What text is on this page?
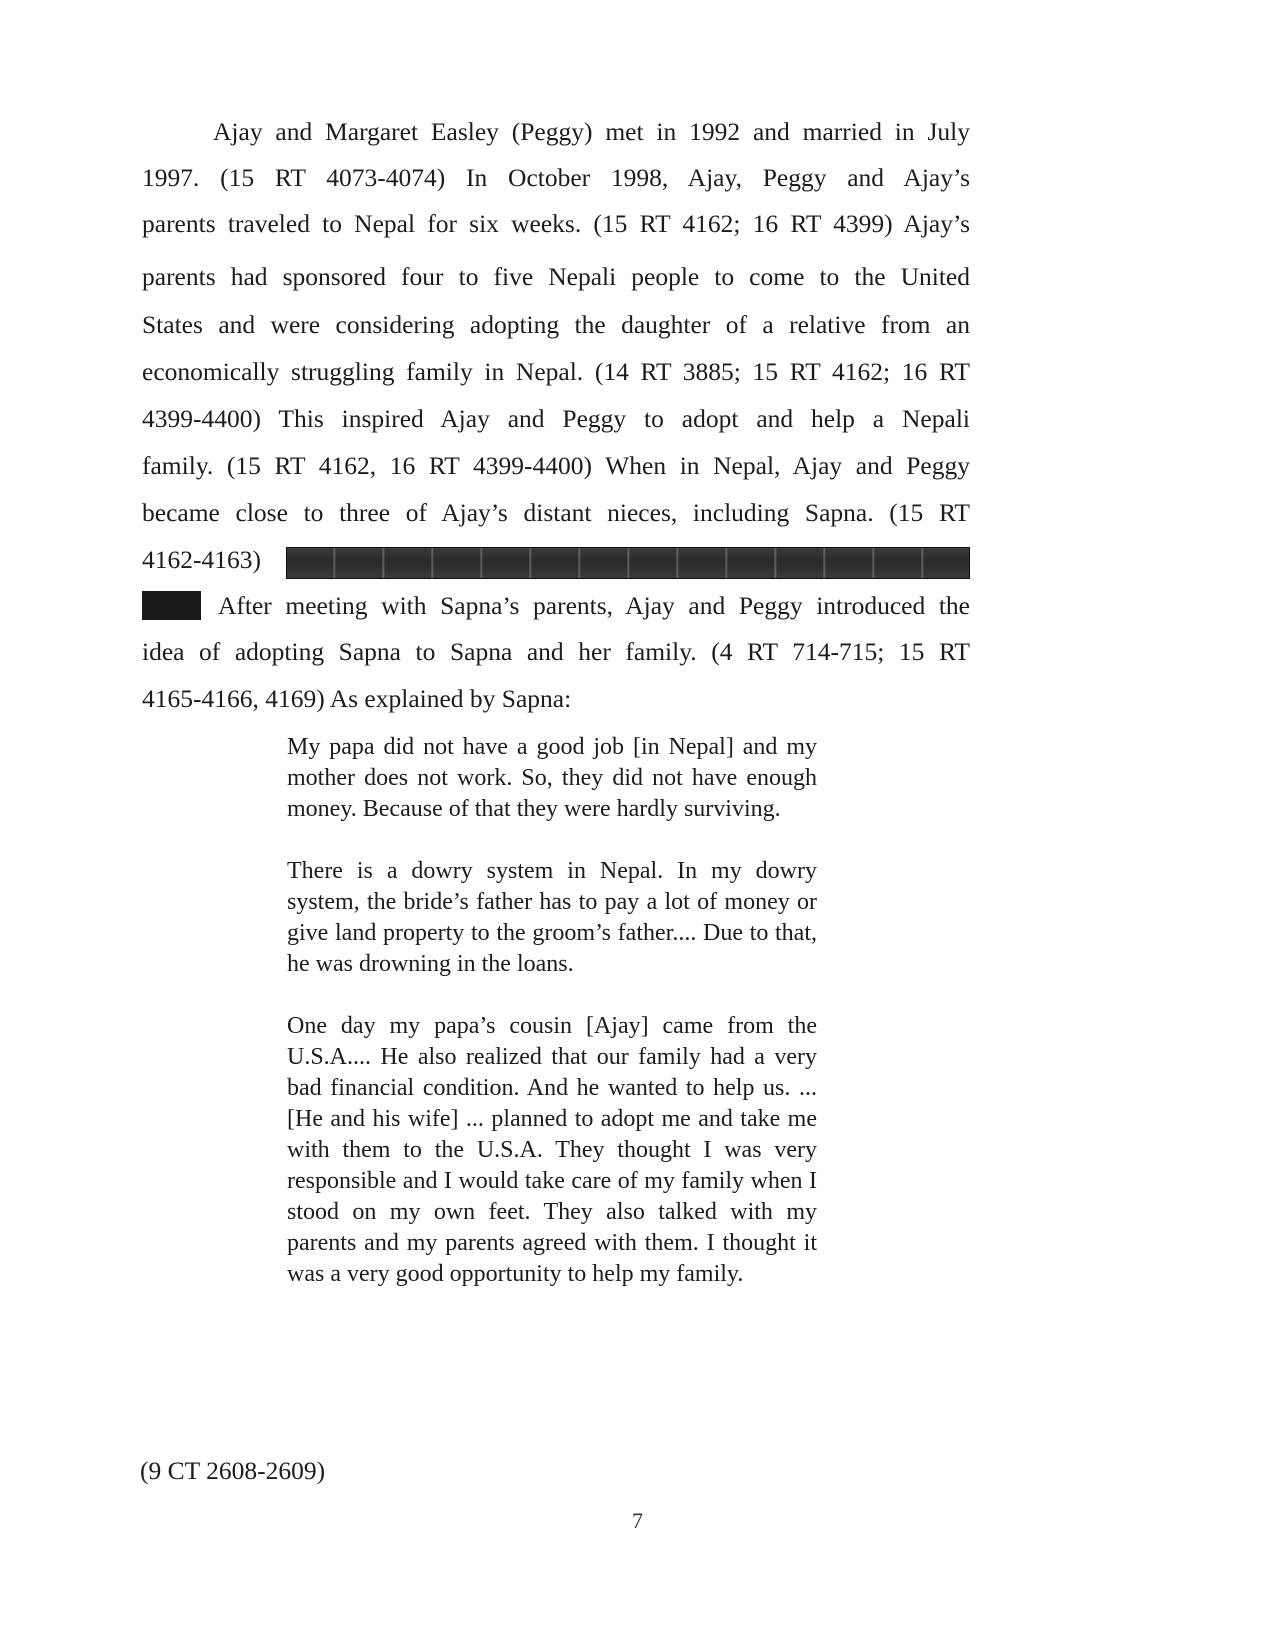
Ajay and Margaret Easley (Peggy) met in 1992 and married in July
1997. (15 RT 4073-4074) In October 1998, Ajay, Peggy and Ajay’s
parents traveled to Nepal for six weeks. (15 RT 4162; 16 RT 4399) Ajay’s
parents had sponsored four to five Nepali people to come to the United
States and were considering adopting the daughter of a relative from an
economically struggling family in Nepal. (14 RT 3885; 15 RT 4162; 16 RT
4399-4400) This inspired Ajay and Peggy to adopt and help a Nepali
family. (15 RT 4162, 16 RT 4399-4400) When in Nepal, Ajay and Peggy
became close to three of Ajay’s distant nieces, including Sapna. (15 RT
4162-4163)
After meeting with Sapna’s parents, Ajay and Peggy introduced the
idea of adopting Sapna to Sapna and her family. (4 RT 714-715; 15 RT
4165-4166, 4169) As explained by Sapna:

My papa did not have a good job [in Nepal] and my mother does not work. So, they did not have enough money. Because of that they were hardly surviving.

There is a dowry system in Nepal. In my dowry system, the bride’s father has to pay a lot of money or give land property to the groom’s father.... Due to that, he was drowning in the loans.

One day my papa’s cousin [Ajay] came from the U.S.A.... He also realized that our family had a very bad financial condition. And he wanted to help us. ... [He and his wife] ... planned to adopt me and take me with them to the U.S.A. They thought I was very responsible and I would take care of my family when I stood on my own feet. They also talked with my parents and my parents agreed with them. I thought it was a very good opportunity to help my family.

(9 CT 2608-2609)
7
